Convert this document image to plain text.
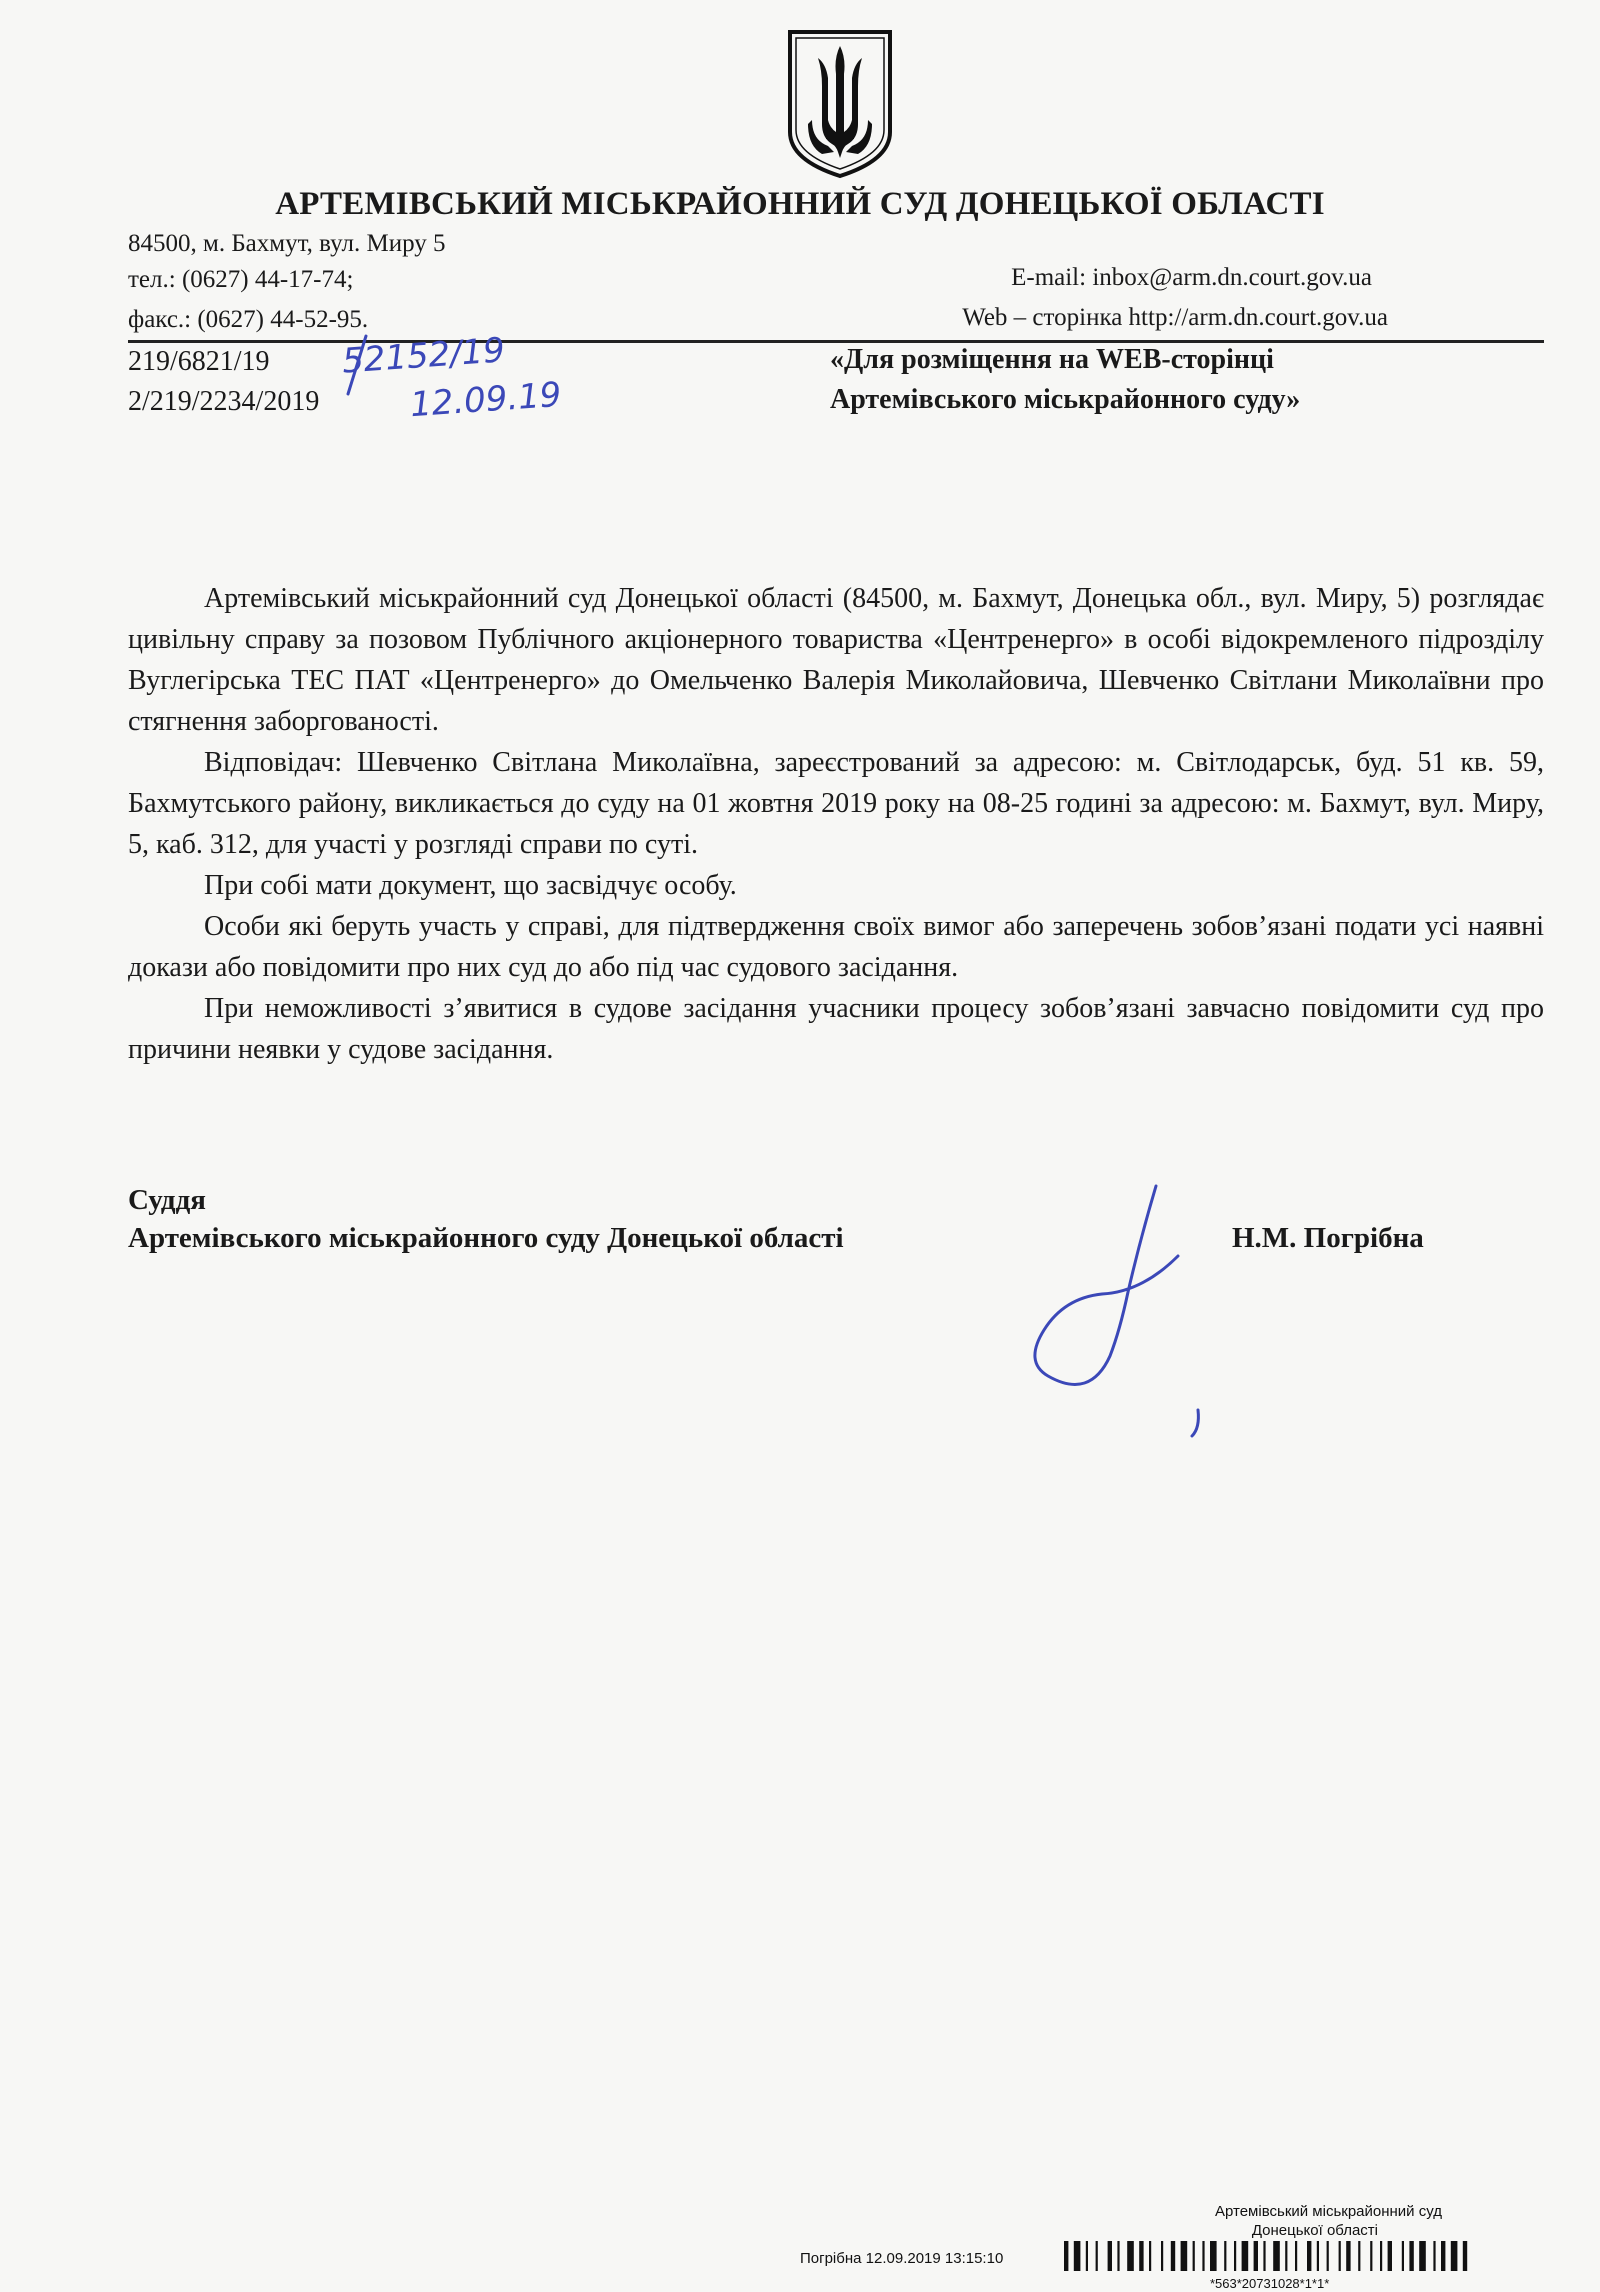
АРТЕМІВСЬКИЙ МІСЬКРАЙОННИЙ СУД ДОНЕЦЬКОЇ ОБЛАСТІ
84500, м. Бахмут, вул. Миру 5
тел.: (0627) 44-17-74;
факс.: (0627) 44-52-95.
E-mail: inbox@arm.dn.court.gov.ua
Web – сторінка http://arm.dn.court.gov.ua
219/6821/19
2/219/2234/2019
52152/19
12.09.19
«Для розміщення на WEB-сторінці
Артемівського міськрайонного суду»

Артемівський міськрайонний суд Донецької області (84500, м. Бахмут, Донецька обл., вул. Миру, 5) розглядає цивільну справу за позовом Публічного акціонерного товариства «Центренерго» в особі відокремленого підрозділу Вуглегірська ТЕС ПАТ «Центренерго» до Омельченко Валерія Миколайовича, Шевченко Світлани Миколаївни про стягнення заборгованості.

Відповідач: Шевченко Світлана Миколаївна, зареєстрований за адресою: м. Світлодарськ, буд. 51 кв. 59, Бахмутського району, викликається до суду на 01 жовтня 2019 року на 08-25 годині за адресою: м. Бахмут, вул. Миру, 5, каб. 312, для участі у розгляді справи по суті.

При собі мати документ, що засвідчує особу.

Особи які беруть участь у справі, для підтвердження своїх вимог або заперечень зобов’язані подати усі наявні докази або повідомити про них суд до або під час судового засідання.

При неможливості з’явитися в судове засідання учасники процесу зобов’язані завчасно повідомити суд про причини неявки у судове засідання.

Суддя
Артемівського міськрайонного суду Донецької області	Н.М. Погрібна
Артемівський міськрайонний суд
Донецької області
Погрібна 12.09.2019 13:15:10
*563*20731028*1*1*
